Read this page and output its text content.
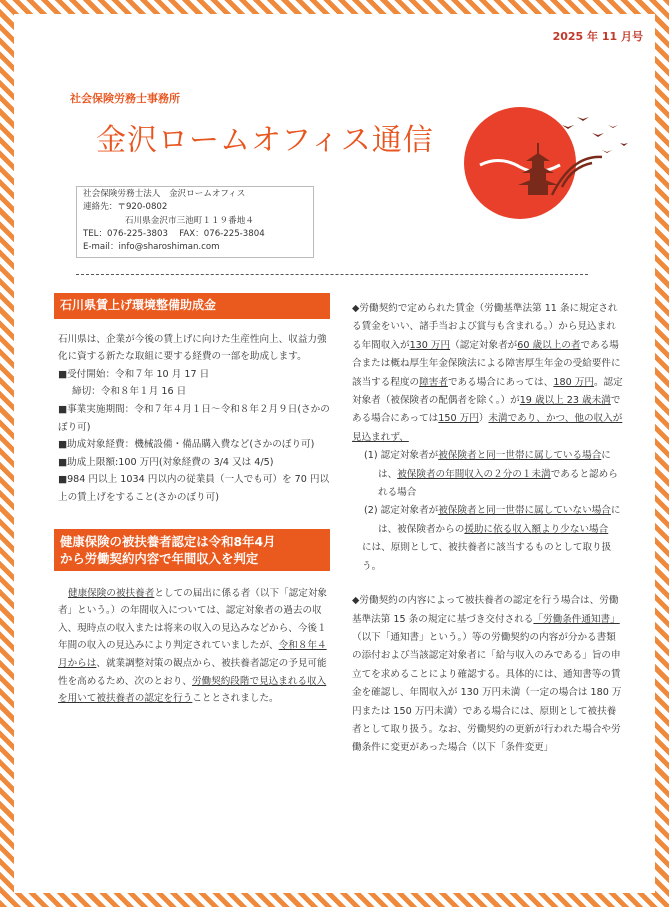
2025 年 11 月号
社会保険労務士事務所
金沢ロームオフィス通信
社会保険労務士法人　金沢ロームオフィス
連絡先：〒920-0802
石川県金沢市三池町１１９番地４
TEL：076-225-3803　 FAX：076-225-3804
E-mail：info@sharoshiman.com
石川県賃上げ環境整備助成金

石川県は、企業が今後の賃上げに向けた生産性向上、収益力強化に資する新たな取組に要する経費の一部を助成します。

■受付開始：令和７年 10 月 17 日

締切：令和８年１月 16 日

■事業実施期間：令和７年４月１日～令和８年２月９日(さかのぼり可)

■助成対象経費：機械設備・備品購入費など(さかのぼり可)

■助成上限額:100 万円(対象経費の 3/4 又は 4/5)

■984 円以上 1034 円以内の従業員（一人でも可）を 70 円以上の賃上げをすること(さかのぼり可)

健康保険の被扶養者認定は令和8年4月
から労働契約内容で年間収入を判定

健康保険の被扶養者としての届出に係る者（以下「認定対象者」という。）の年間収入については、認定対象者の過去の収入、現時点の収入または将来の収入の見込みなどから、今後１年間の収入の見込みにより判定されていましたが、令和８年４月からは、就業調整対策の観点から、被扶養者認定の予見可能性を高めるため、次のとおり、労働契約段階で見込まれる収入を用いて被扶養者の認定を行うこととされました。

◆労働契約で定められた賃金（労働基準法第 11 条に規定される賃金をいい、諸手当および賞与も含まれる。）から見込まれる年間収入が130 万円（認定対象者が60 歳以上の者である場合または概ね厚生年金保険法による障害厚生年金の受給要件に該当する程度の障害者である場合にあっては、180 万円。認定対象者（被保険者の配偶者を除く。）が19 歳以上 23 歳未満である場合にあっては150 万円）未満であり、かつ、他の収入が見込まれず、

(1) 認定対象者が被保険者と同一世帯に属している場合には、被保険者の年間収入の２分の１未満であると認められる場合

(2) 認定対象者が被保険者と同一世帯に属していない場合には、被保険者からの援助に依る収入額より少ない場合

には、原則として、被扶養者に該当するものとして取り扱う。

◆労働契約の内容によって被扶養者の認定を行う場合は、労働基準法第 15 条の規定に基づき交付される「労働条件通知書」（以下「通知書」という。）等の労働契約の内容が分かる書類の添付および当該認定対象者に「給与収入のみである」旨の申立てを求めることにより確認する。具体的には、通知書等の賃金を確認し、年間収入が 130 万円未満（一定の場合は 180 万円または 150 万円未満）である場合には、原則として被扶養者として取り扱う。なお、労働契約の更新が行われた場合や労働条件に変更があった場合（以下「条件変更」
